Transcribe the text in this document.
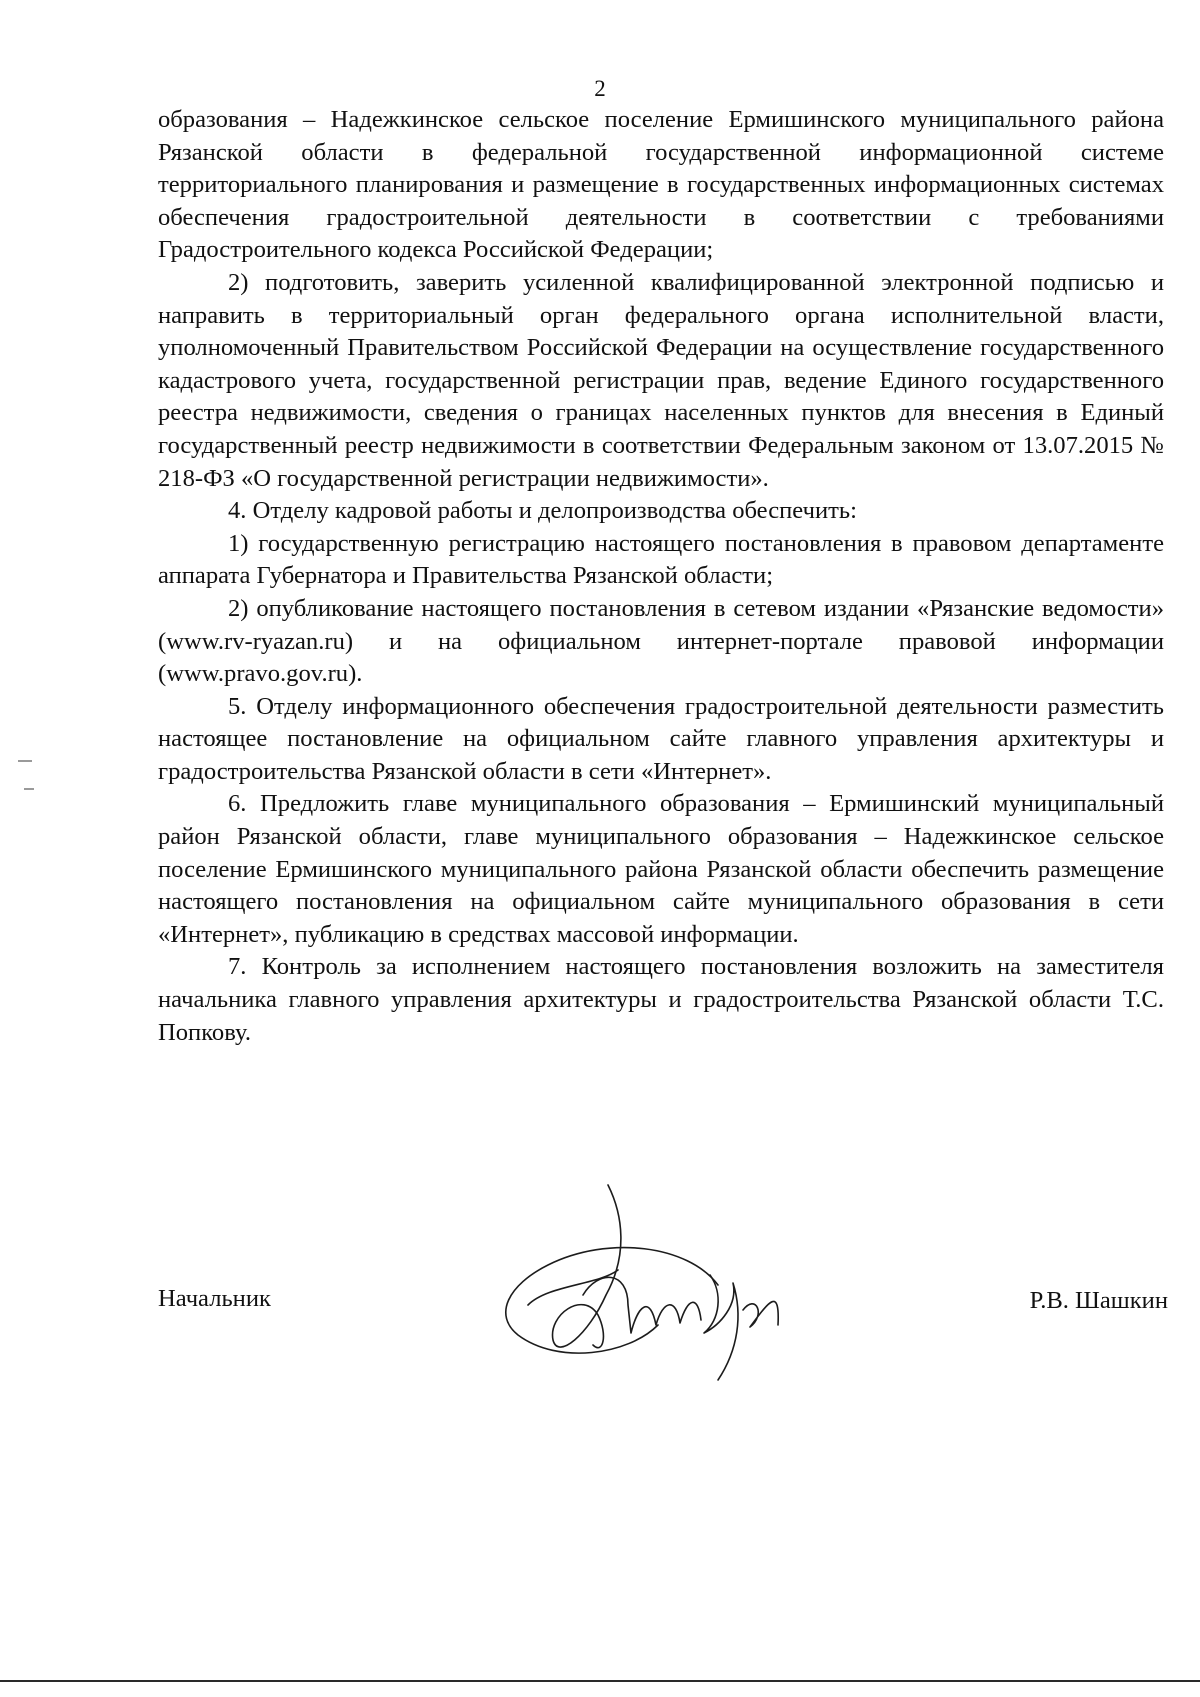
2

образования – Надежкинское сельское поселение Ермишинского муниципального района Рязанской области в федеральной государственной информационной системе территориального планирования и размещение в государственных информационных системах обеспечения градостроительной деятельности в соответствии с требованиями Градостроительного кодекса Российской Федерации;

2) подготовить, заверить усиленной квалифицированной электронной подписью и направить в территориальный орган федерального органа исполнительной власти, уполномоченный Правительством Российской Федерации на осуществление государственного кадастрового учета, государственной регистрации прав, ведение Единого государственного реестра недвижимости, сведения о границах населенных пунктов для внесения в Единый государственный реестр недвижимости в соответствии Федеральным законом от 13.07.2015 № 218-ФЗ «О государственной регистрации недвижимости».

4. Отделу кадровой работы и делопроизводства обеспечить:

1) государственную регистрацию настоящего постановления в правовом департаменте аппарата Губернатора и Правительства Рязанской области;

2) опубликование настоящего постановления в сетевом издании «Рязанские ведомости» (www.rv-ryazan.ru) и на официальном интернет-портале правовой информации (www.pravo.gov.ru).

5. Отделу информационного обеспечения градостроительной деятельности разместить настоящее постановление на официальном сайте главного управления архитектуры и градостроительства Рязанской области в сети «Интернет».

6. Предложить главе муниципального образования – Ермишинский муниципальный район Рязанской области, главе муниципального образования – Надежкинское сельское поселение Ермишинского муниципального района Рязанской области обеспечить размещение настоящего постановления на официальном сайте муниципального образования в сети «Интернет», публикацию в средствах массовой информации.

7. Контроль за исполнением настоящего постановления возложить на заместителя начальника главного управления архитектуры и градостроительства Рязанской области Т.С. Попкову.

Начальник	Р.В. Шашкин
